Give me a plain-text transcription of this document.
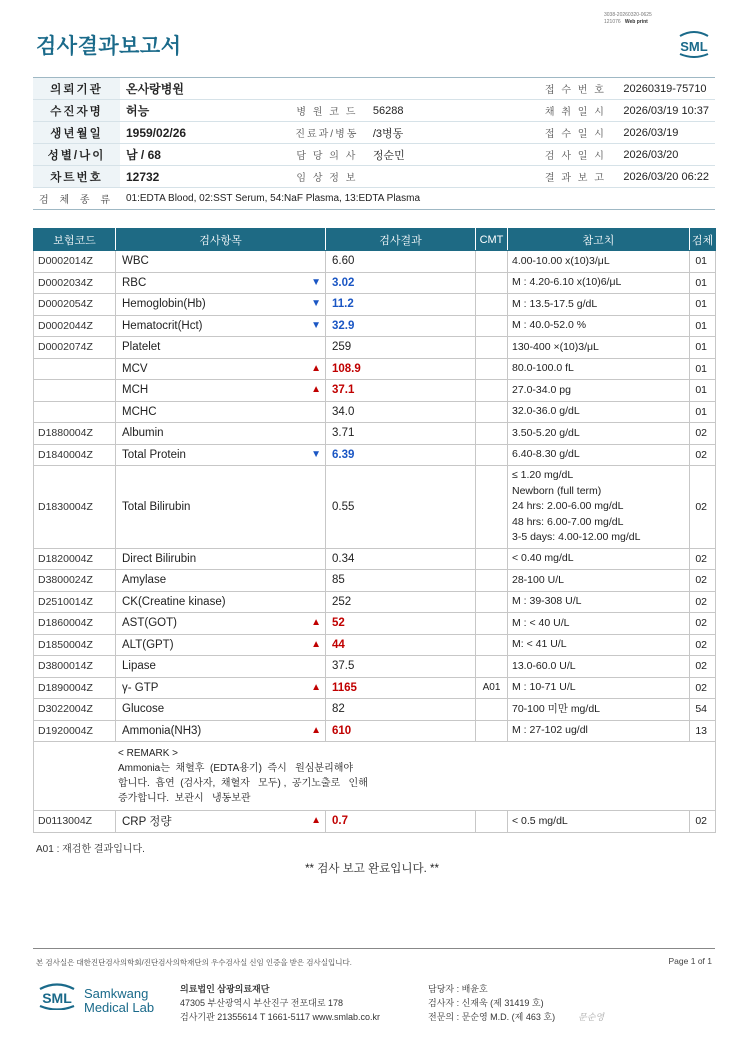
검사결과보고서
3038-20260320-0625
121076 Web print
SML
의뢰기관	온사랑병원			접 수 번 호	20260319-75710
수진자명	허능	병 원 코 드	56288	채 취 일 시	2026/03/19 10:37
생년월일	1959/02/26	진료과/병동	/3병동	접 수 일 시	2026/03/19
성별/나이	남 / 68	담 당 의 사	정순민	검 사 일 시	2026/03/20
차트번호	12732	임 상 정 보		결 과 보 고	2026/03/20 06:22
검 체 종 류	01:EDTA Blood, 02:SST Serum, 54:NaF Plasma, 13:EDTA Plasma				
보험코드	검사항목	검사결과	CMT	참고치	검체
D0002014Z	WBC	6.60		4.00-10.00 x(10)3/μL	01
D0002034Z	RBC ▼	3.02		M : 4.20-6.10 x(10)6/μL	01
D0002054Z	Hemoglobin(Hb) ▼	11.2		M : 13.5-17.5 g/dL	01
D0002044Z	Hematocrit(Hct) ▼	32.9		M : 40.0-52.0 %	01
D0002074Z	Platelet	259		130-400 ×(10)3/μL	01
	MCV ▲	108.9		80.0-100.0 fL	01
	MCH ▲	37.1		27.0-34.0 pg	01
	MCHC	34.0		32.0-36.0 g/dL	01
D1880004Z	Albumin	3.71		3.50-5.20 g/dL	02
D1840004Z	Total Protein ▼	6.39		6.40-8.30 g/dL	02
D1830004Z	Total Bilirubin	0.55		≤ 1.20 mg/dL
Newborn (full term)
24 hrs: 2.00-6.00 mg/dL
48 hrs: 6.00-7.00 mg/dL
3-5 days: 4.00-12.00 mg/dL	02
D1820004Z	Direct Bilirubin	0.34		< 0.40 mg/dL	02
D3800024Z	Amylase	85		28-100 U/L	02
D2510014Z	CK(Creatine kinase)	252		M : 39-308 U/L	02
D1860004Z	AST(GOT) ▲	52		M : < 40 U/L	02
D1850004Z	ALT(GPT) ▲	44		M: < 41 U/L	02
D3800014Z	Lipase	37.5		13.0-60.0 U/L	02
D1890004Z	γ- GTP ▲	1165	A01	M : 10-71 U/L	02
D3022004Z	Glucose	82		70-100 미만 mg/dL	54
D1920004Z	Ammonia(NH3) ▲	610		M : 27-102 ug/dl	13

< REMARK >
Ammonia는  채혈후  (EDTA용기)  즉시   원심분리해야
합니다.  흡연  (검사자,  채혈자   모두) ,  공기노출로   인해
증가합니다.  보관시   냉동보관					

D0113004Z	CRP 정량 ▲	0.7		< 0.5 mg/dL	02
A01 : 재검한 결과입니다.
** 검사 보고 완료입니다. **
본 검사실은 대한진단검사의학회/진단검사의학재단의 우수검사실 신임 인증을 받은 검사실입니다.	Page 1 of 1
SML Samkwang
Medical Lab
의료법인 삼광의료재단
47305 부산광역시 부산진구 전포대로 178
검사기관 21355614 T 1661-5117 www.smlab.co.kr
담당자 : 배윤호
검사자 : 신재욱 (제 31419 호)
전문의 : 문순영 M.D. (제 463 호)	문순영
